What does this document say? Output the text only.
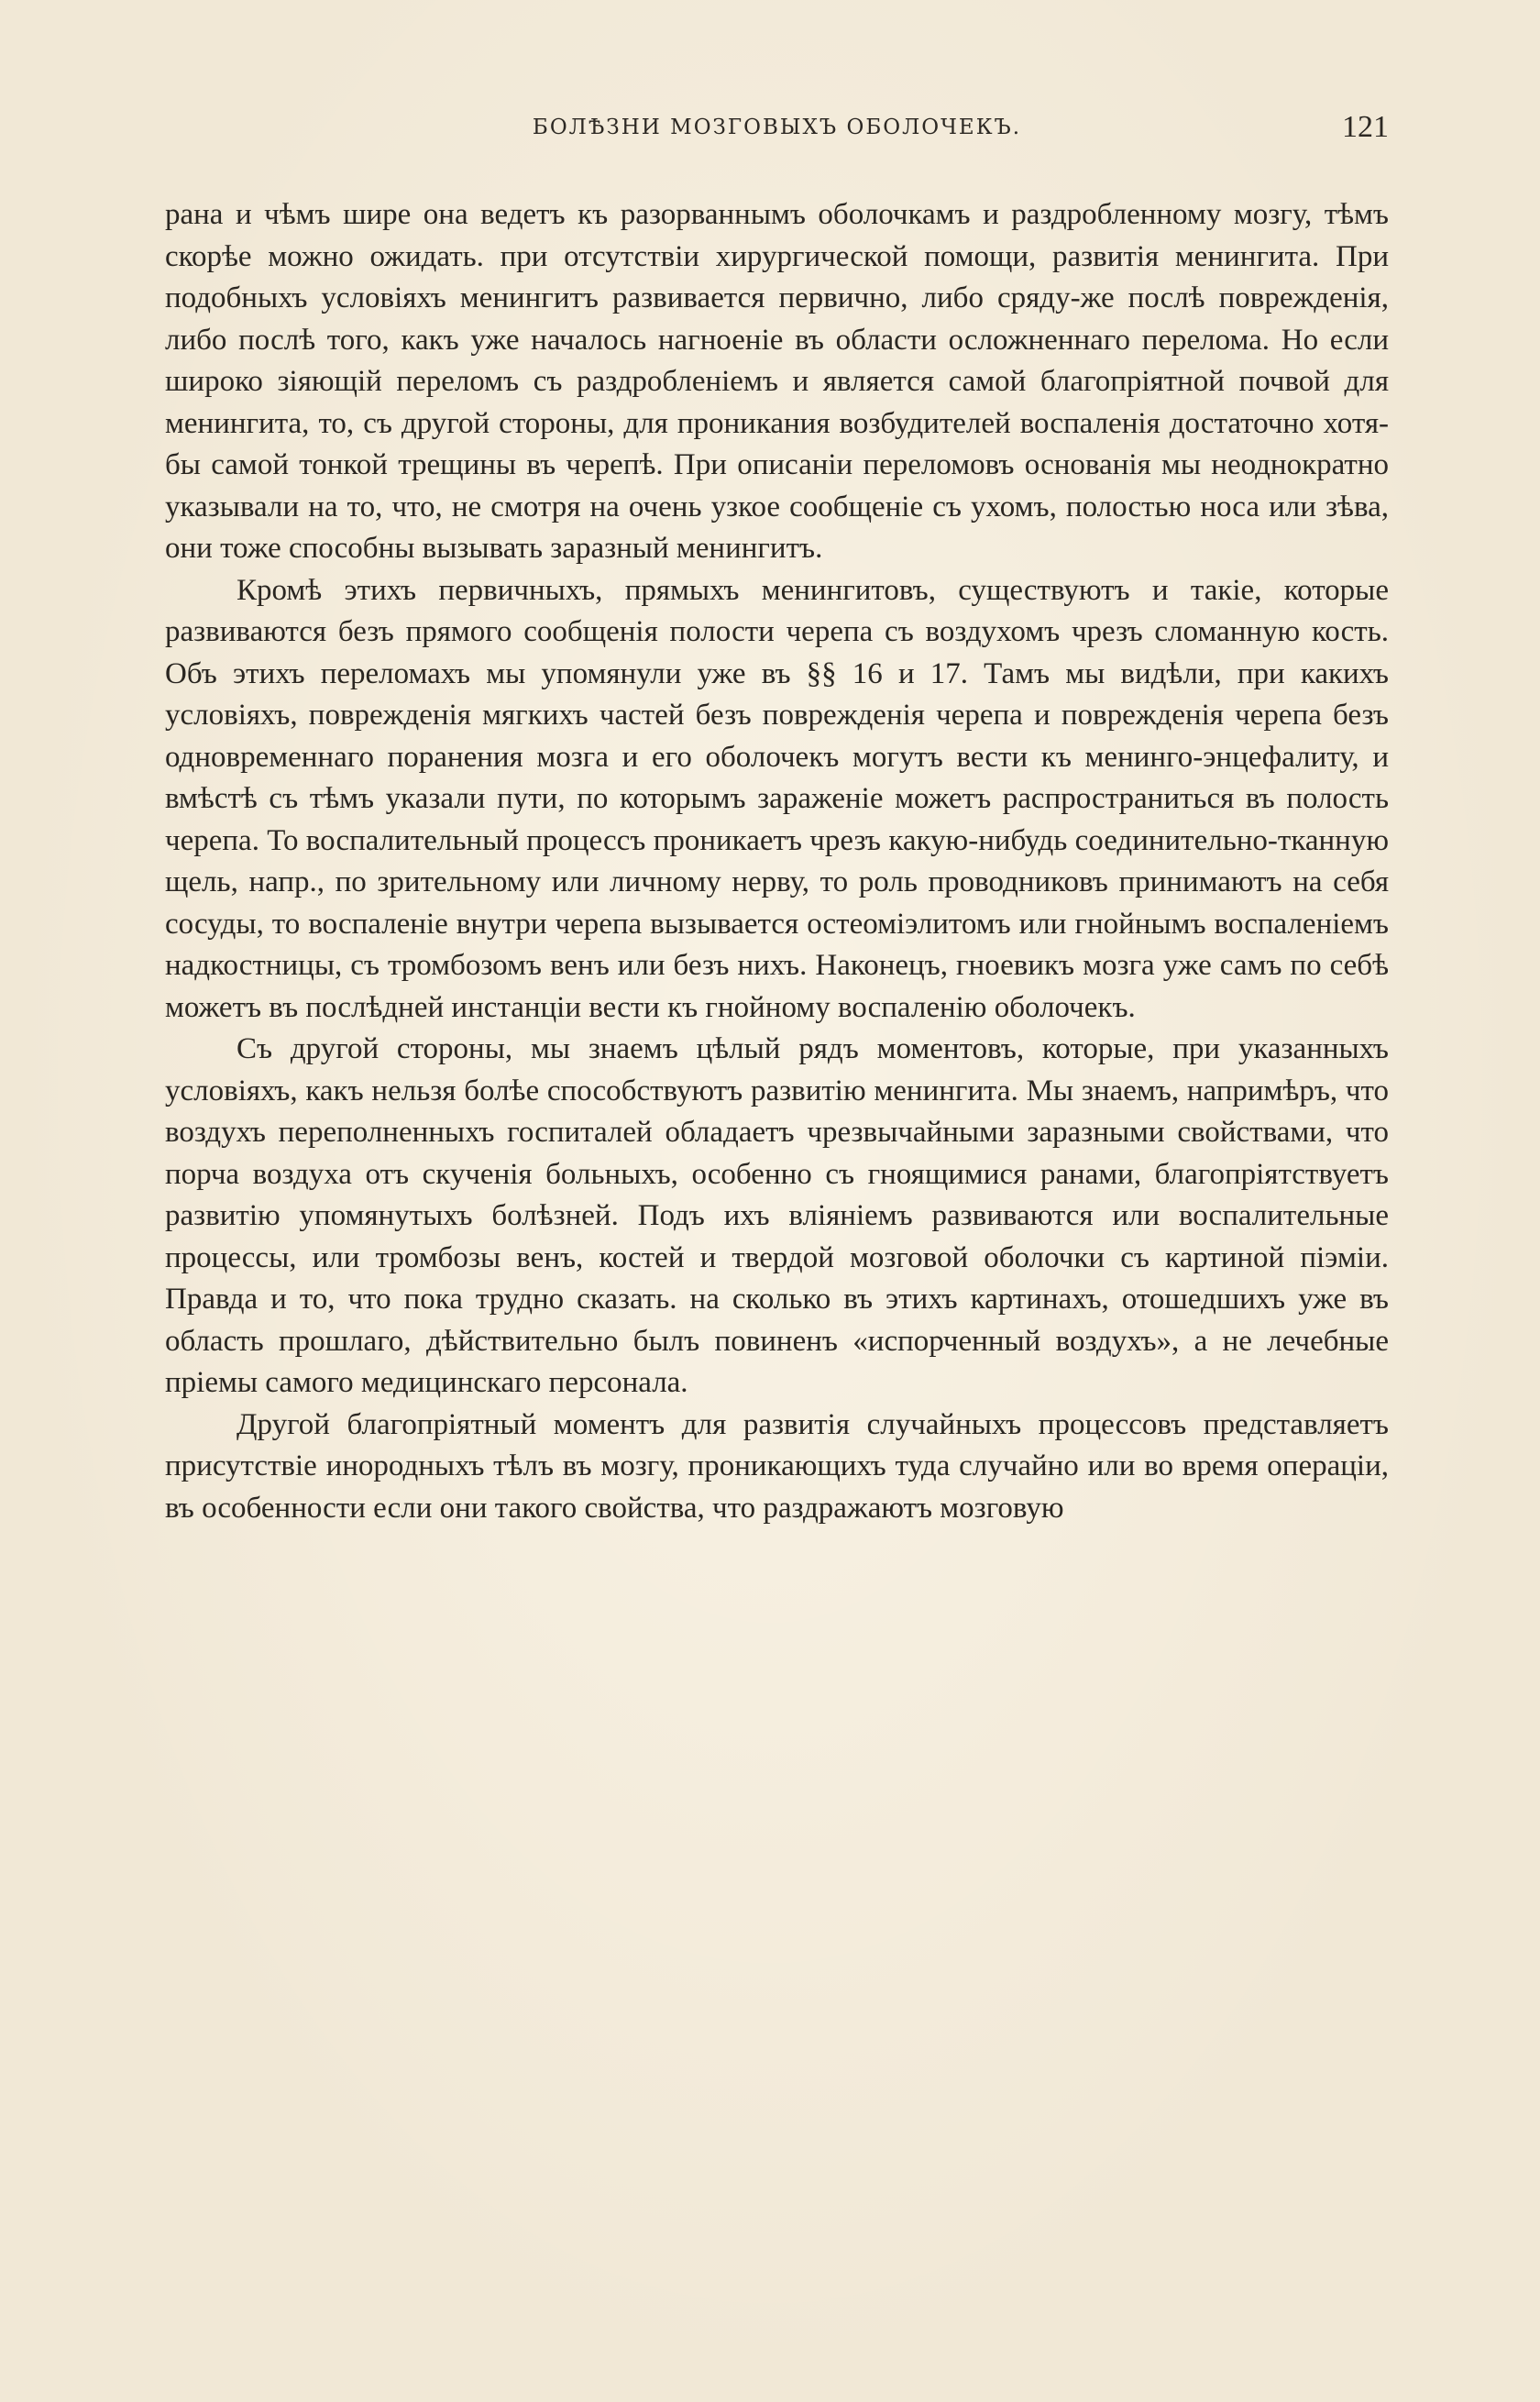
БОЛѢЗНИ МОЗГОВЫХЪ ОБОЛОЧЕКЪ.	121

рана и чѣмъ шире она ведетъ къ разорваннымъ оболочкамъ и раздробленному мозгу, тѣмъ скорѣе можно ожидать. при отсутствіи хирургической помощи, развитія менингита. При подобныхъ условіяхъ менингитъ развивается первично, либо сряду-же послѣ поврежденія, либо послѣ того, какъ уже началось нагноеніе въ области осложненнаго перелома. Но если широко зіяющій переломъ съ раздробленіемъ и является самой благопріятной почвой для менингита, то, съ другой стороны, для проникания возбудителей воспаленія достаточно хотя-бы самой тонкой трещины въ черепѣ. При описаніи переломовъ основанія мы неоднократно указывали на то, что, не смотря на очень узкое сообщеніе съ ухомъ, полостью носа или зѣва, они тоже способны вызывать заразный менингитъ.

Кромѣ этихъ первичныхъ, прямыхъ менингитовъ, существуютъ и такіе, которые развиваются безъ прямого сообщенія полости черепа съ воздухомъ чрезъ сломанную кость. Объ этихъ переломахъ мы упомянули уже въ §§ 16 и 17. Тамъ мы видѣли, при какихъ условіяхъ, поврежденія мягкихъ частей безъ поврежденія черепа и поврежденія черепа безъ одновременнаго поранения мозга и его оболочекъ могутъ вести къ менинго-энцефалиту, и вмѣстѣ съ тѣмъ указали пути, по которымъ зараженіе можетъ распространиться въ полость черепа. То воспалительный процессъ проникаетъ чрезъ какую-нибудь соединительно-тканную щель, напр., по зрительному или личному нерву, то роль проводниковъ принимаютъ на себя сосуды, то воспаленіе внутри черепа вызывается остеоміэлитомъ или гнойнымъ воспаленіемъ надкостницы, съ тромбозомъ венъ или безъ нихъ. Наконецъ, гноевикъ мозга уже самъ по себѣ можетъ въ послѣдней инстанціи вести къ гнойному воспаленію оболочекъ.

Съ другой стороны, мы знаемъ цѣлый рядъ моментовъ, которые, при указанныхъ условіяхъ, какъ нельзя болѣе способствуютъ развитію менингита. Мы знаемъ, напримѣръ, что воздухъ переполненныхъ госпиталей обладаетъ чрезвычайными заразными свойствами, что порча воздуха отъ скученія больныхъ, особенно съ гноящимися ранами, благопріятствуетъ развитію упомянутыхъ болѣзней. Подъ ихъ вліяніемъ развиваются или воспалительные процессы, или тромбозы венъ, костей и твердой мозговой оболочки съ картиной піэміи. Правда и то, что пока трудно сказать. на сколько въ этихъ картинахъ, отошедшихъ уже въ область прошлаго, дѣйствительно былъ повиненъ «испорченный воздухъ», а не лечебные пріемы самого медицинскаго персонала.

Другой благопріятный моментъ для развитія случайныхъ процессовъ представляетъ присутствіе инородныхъ тѣлъ въ мозгу, проникающихъ туда случайно или во время операціи, въ особенности если они такого свойства, что раздражаютъ мозговую
